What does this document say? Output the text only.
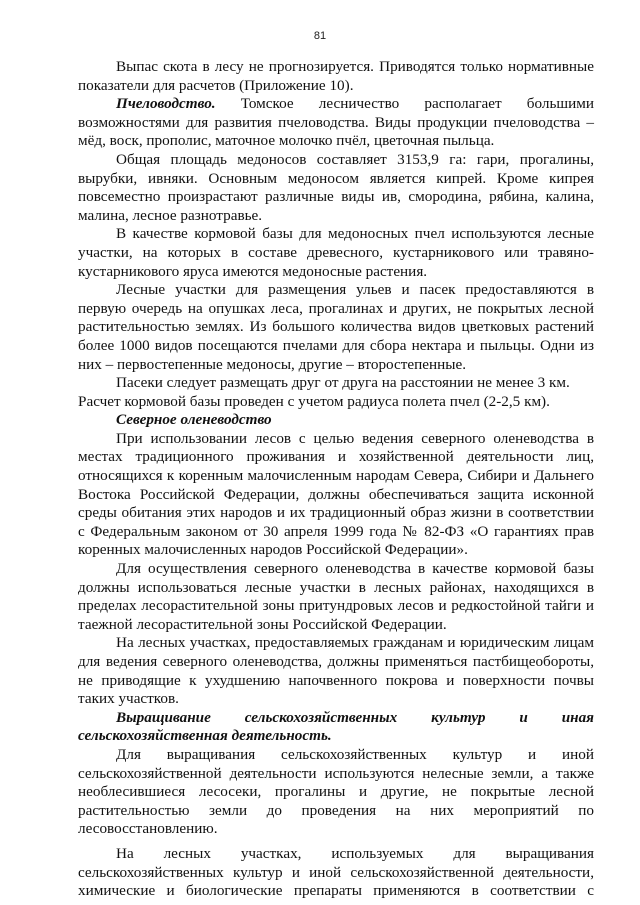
81

Выпас скота в лесу не прогнозируется. Приводятся только нормативные показатели для расчетов (Приложение 10).

Пчеловодство. Томское лесничество располагает большими возможностями для развития пчеловодства. Виды продукции пчеловодства – мёд, воск, прополис, маточное молочко пчёл, цветочная пыльца.

Общая площадь медоносов составляет 3153,9 га: гари, прогалины, вырубки, ивняки. Основным медоносом является кипрей. Кроме кипрея повсеместно произрастают различные виды ив, смородина, рябина, калина, малина, лесное разнотравье.

В качестве кормовой базы для медоносных пчел используются лесные участки, на которых в составе древесного, кустарникового или травяно-кустарникового яруса имеются медоносные растения.

Лесные участки для размещения ульев и пасек предоставляются в первую очередь на опушках леса, прогалинах и других, не покрытых лесной растительностью землях. Из большого количества видов цветковых растений более 1000 видов посещаются пчелами для сбора нектара и пыльцы. Одни из них – первостепенные медоносы, другие – второстепенные.

Пасеки следует размещать друг от друга на расстоянии не менее 3 км.

Расчет кормовой базы проведен с учетом радиуса полета пчел (2-2,5 км).

Северное оленеводство

При использовании лесов с целью ведения северного оленеводства в местах традиционного проживания и хозяйственной деятельности лиц, относящихся к коренным малочисленным народам Севера, Сибири и Дальнего Востока Российской Федерации, должны обеспечиваться защита исконной среды обитания этих народов и их традиционный образ жизни в соответствии с Федеральным законом от 30 апреля 1999 года № 82-ФЗ «О гарантиях прав коренных малочисленных народов Российской Федерации».

Для осуществления северного оленеводства в качестве кормовой базы должны использоваться лесные участки в лесных районах, находящихся в пределах лесорастительной зоны притундровых лесов и редкостойной тайги и таежной лесорастительной зоны Российской Федерации.

На лесных участках, предоставляемых гражданам и юридическим лицам для ведения северного оленеводства, должны применяться пастбищеобороты, не приводящие к ухудшению напочвенного покрова и поверхности почвы таких участков.

Выращивание сельскохозяйственных культур и иная сельскохозяйственная деятельность.

Для выращивания сельскохозяйственных культур и иной сельскохозяйственной деятельности используются нелесные земли, а также необлесившиеся лесосеки, прогалины и другие, не покрытые лесной растительностью земли до проведения на них мероприятий по лесовосстановлению.

На лесных участках, используемых для выращивания сельскохозяйственных культур и иной сельскохозяйственной деятельности, химические и биологические препараты применяются в соответствии с
